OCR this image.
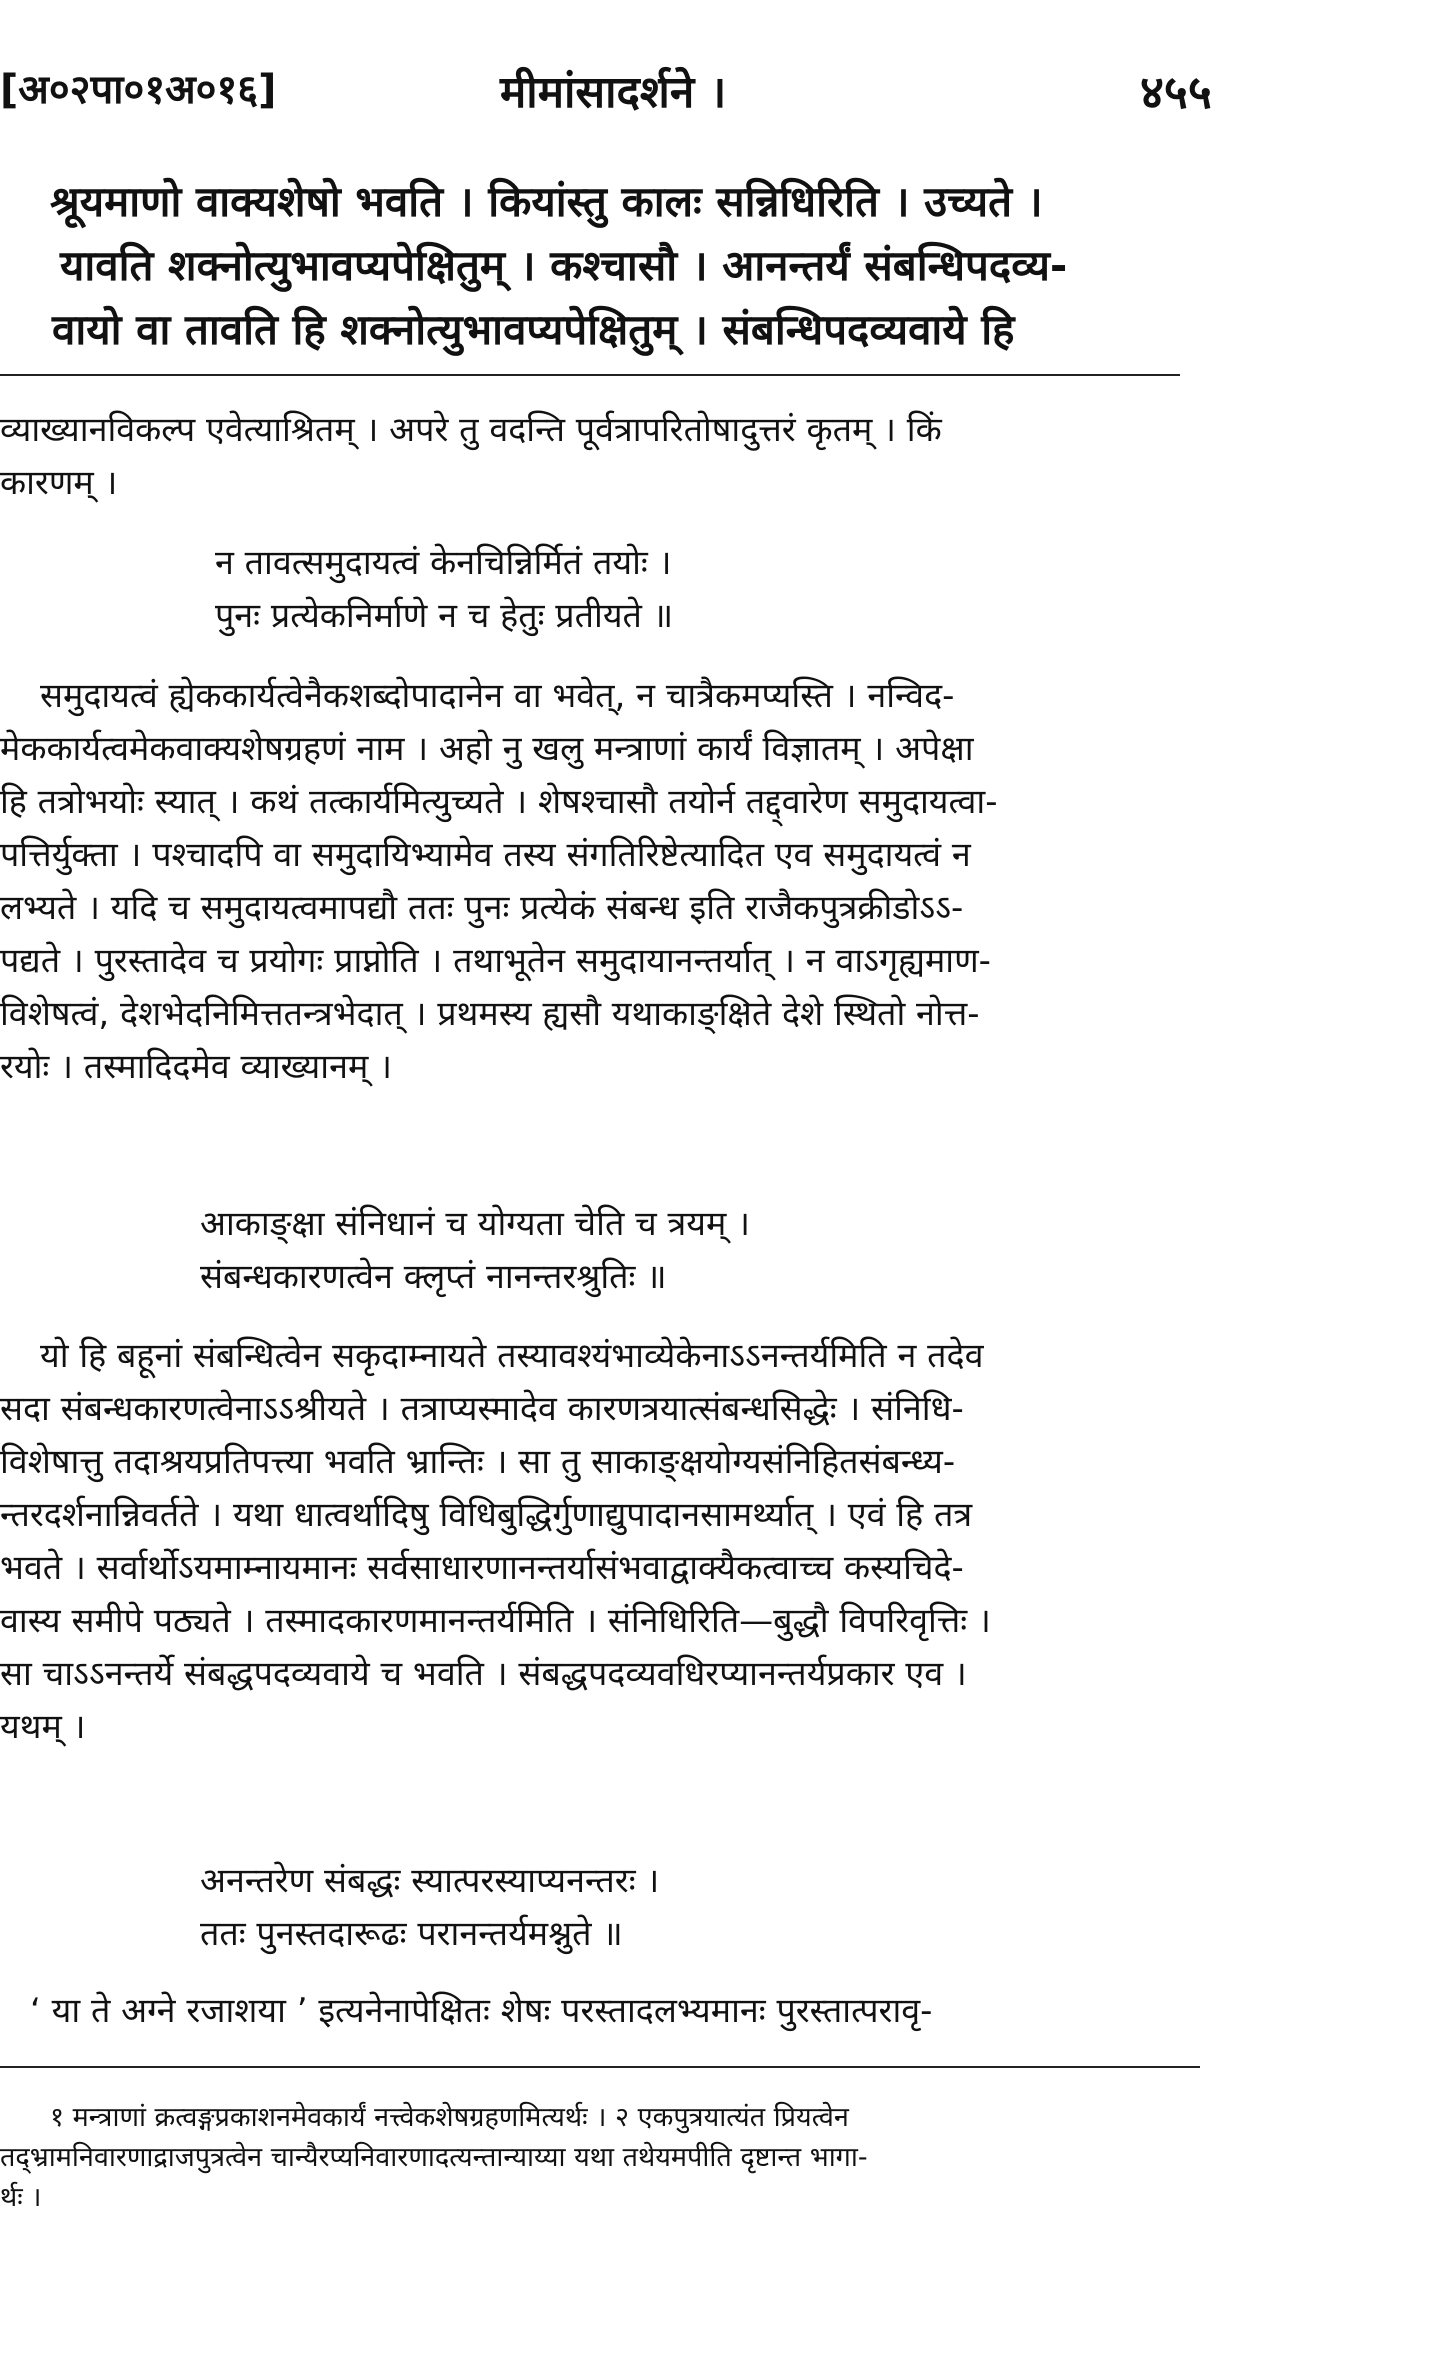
[अ०२पा०१अ०१६]	मीमांसादर्शने ।	४५५
श्रूयमाणो वाक्यशेषो भवति । कियांस्तु कालः सन्निधिरिति । उच्यते ।
यावति शक्नोत्युभावप्यपेक्षितुम् । कश्चासौ । आनन्तर्यं संबन्धिपदव्य-
वायो वा तावति हि शक्नोत्युभावप्यपेक्षितुम् । संबन्धिपदव्यवाये हि
व्याख्यानविकल्प एवेत्याश्रितम् । अपरे तु वदन्ति पूर्वत्रापरितोषादुत्तरं कृतम् । किं
कारणम् ।
न तावत्समुदायत्वं केनचिन्निर्मितं तयोः ।
पुनः प्रत्येकनिर्माणे न च हेतुः प्रतीयते ॥
समुदायत्वं ह्येककार्यत्वेनैकशब्दोपादानेन वा भवेत्, न चात्रैकमप्यस्ति । नन्विद-
मेककार्यत्वमेकवाक्यशेषग्रहणं नाम । अहो नु खलु मन्त्राणां कार्यं विज्ञातम् । अपेक्षा
हि तत्रोभयोः स्यात् । कथं तत्कार्यमित्युच्यते । शेषश्चासौ तयोर्न तद्द्वारेण समुदायत्वा-
पत्तिर्युक्ता । पश्चादपि वा समुदायिभ्यामेव तस्य संगतिरिष्टेत्यादित एव समुदायत्वं न
लभ्यते । यदि च समुदायत्वमापद्यौ ततः पुनः प्रत्येकं संबन्ध इति राजैकपुत्रक्रीडोऽऽ-
पद्यते । पुरस्तादेव च प्रयोगः प्राप्नोति । तथाभूतेन समुदायानन्तर्यात् । न वाऽगृह्यमाण-
विशेषत्वं, देशभेदनिमित्ततन्त्रभेदात् । प्रथमस्य ह्यसौ यथाकाङ्क्षिते देशे स्थितो नोत्त-
रयोः । तस्मादिदमेव व्याख्यानम् ।
आकाङ्क्षा संनिधानं च योग्यता चेति च त्रयम् ।
संबन्धकारणत्वेन क्लृप्तं नानन्तरश्रुतिः ॥
यो हि बहूनां संबन्धित्वेन सकृदाम्नायते तस्यावश्यंभाव्येकेनाऽऽनन्तर्यमिति न तदेव
सदा संबन्धकारणत्वेनाऽऽश्रीयते । तत्राप्यस्मादेव कारणत्रयात्संबन्धसिद्धेः । संनिधि-
विशेषात्तु तदाश्रयप्रतिपत्त्या भवति भ्रान्तिः । सा तु साकाङ्क्षयोग्यसंनिहितसंबन्ध्य-
न्तरदर्शनान्निवर्तते । यथा धात्वर्थादिषु विधिबुद्धिर्गुणाद्युपादानसामर्थ्यात् । एवं हि तत्र
भवते । सर्वार्थोऽयमाम्नायमानः सर्वसाधारणानन्तर्यासंभवाद्वाक्यैकत्वाच्च कस्यचिदे-
वास्य समीपे पठ्यते । तस्मादकारणमानन्तर्यमिति । संनिधिरिति—बुद्धौ विपरिवृत्तिः ।
सा चाऽऽनन्तर्ये संबद्धपदव्यवाये च भवति । संबद्धपदव्यवधिरप्यानन्तर्यप्रकार एव ।
यथम् ।
अनन्तरेण संबद्धः स्यात्परस्याप्यनन्तरः ।
ततः पुनस्तदारूढः परानन्तर्यमश्नुते ॥
‘ या ते अग्ने रजाशया ’ इत्यनेनापेक्षितः शेषः परस्तादलभ्यमानः पुरस्तात्परावृ-
१ मन्त्राणां क्रत्वङ्गप्रकाशनमेवकार्यं नत्त्वेकशेषग्रहणमित्यर्थः । २ एकपुत्रयात्यंत प्रियत्वेन
तद्भ्रामनिवारणाद्राजपुत्रत्वेन चान्यैरप्यनिवारणादत्यन्तान्याय्या यथा तथेयमपीति दृष्टान्त भागा-
र्थः ।
